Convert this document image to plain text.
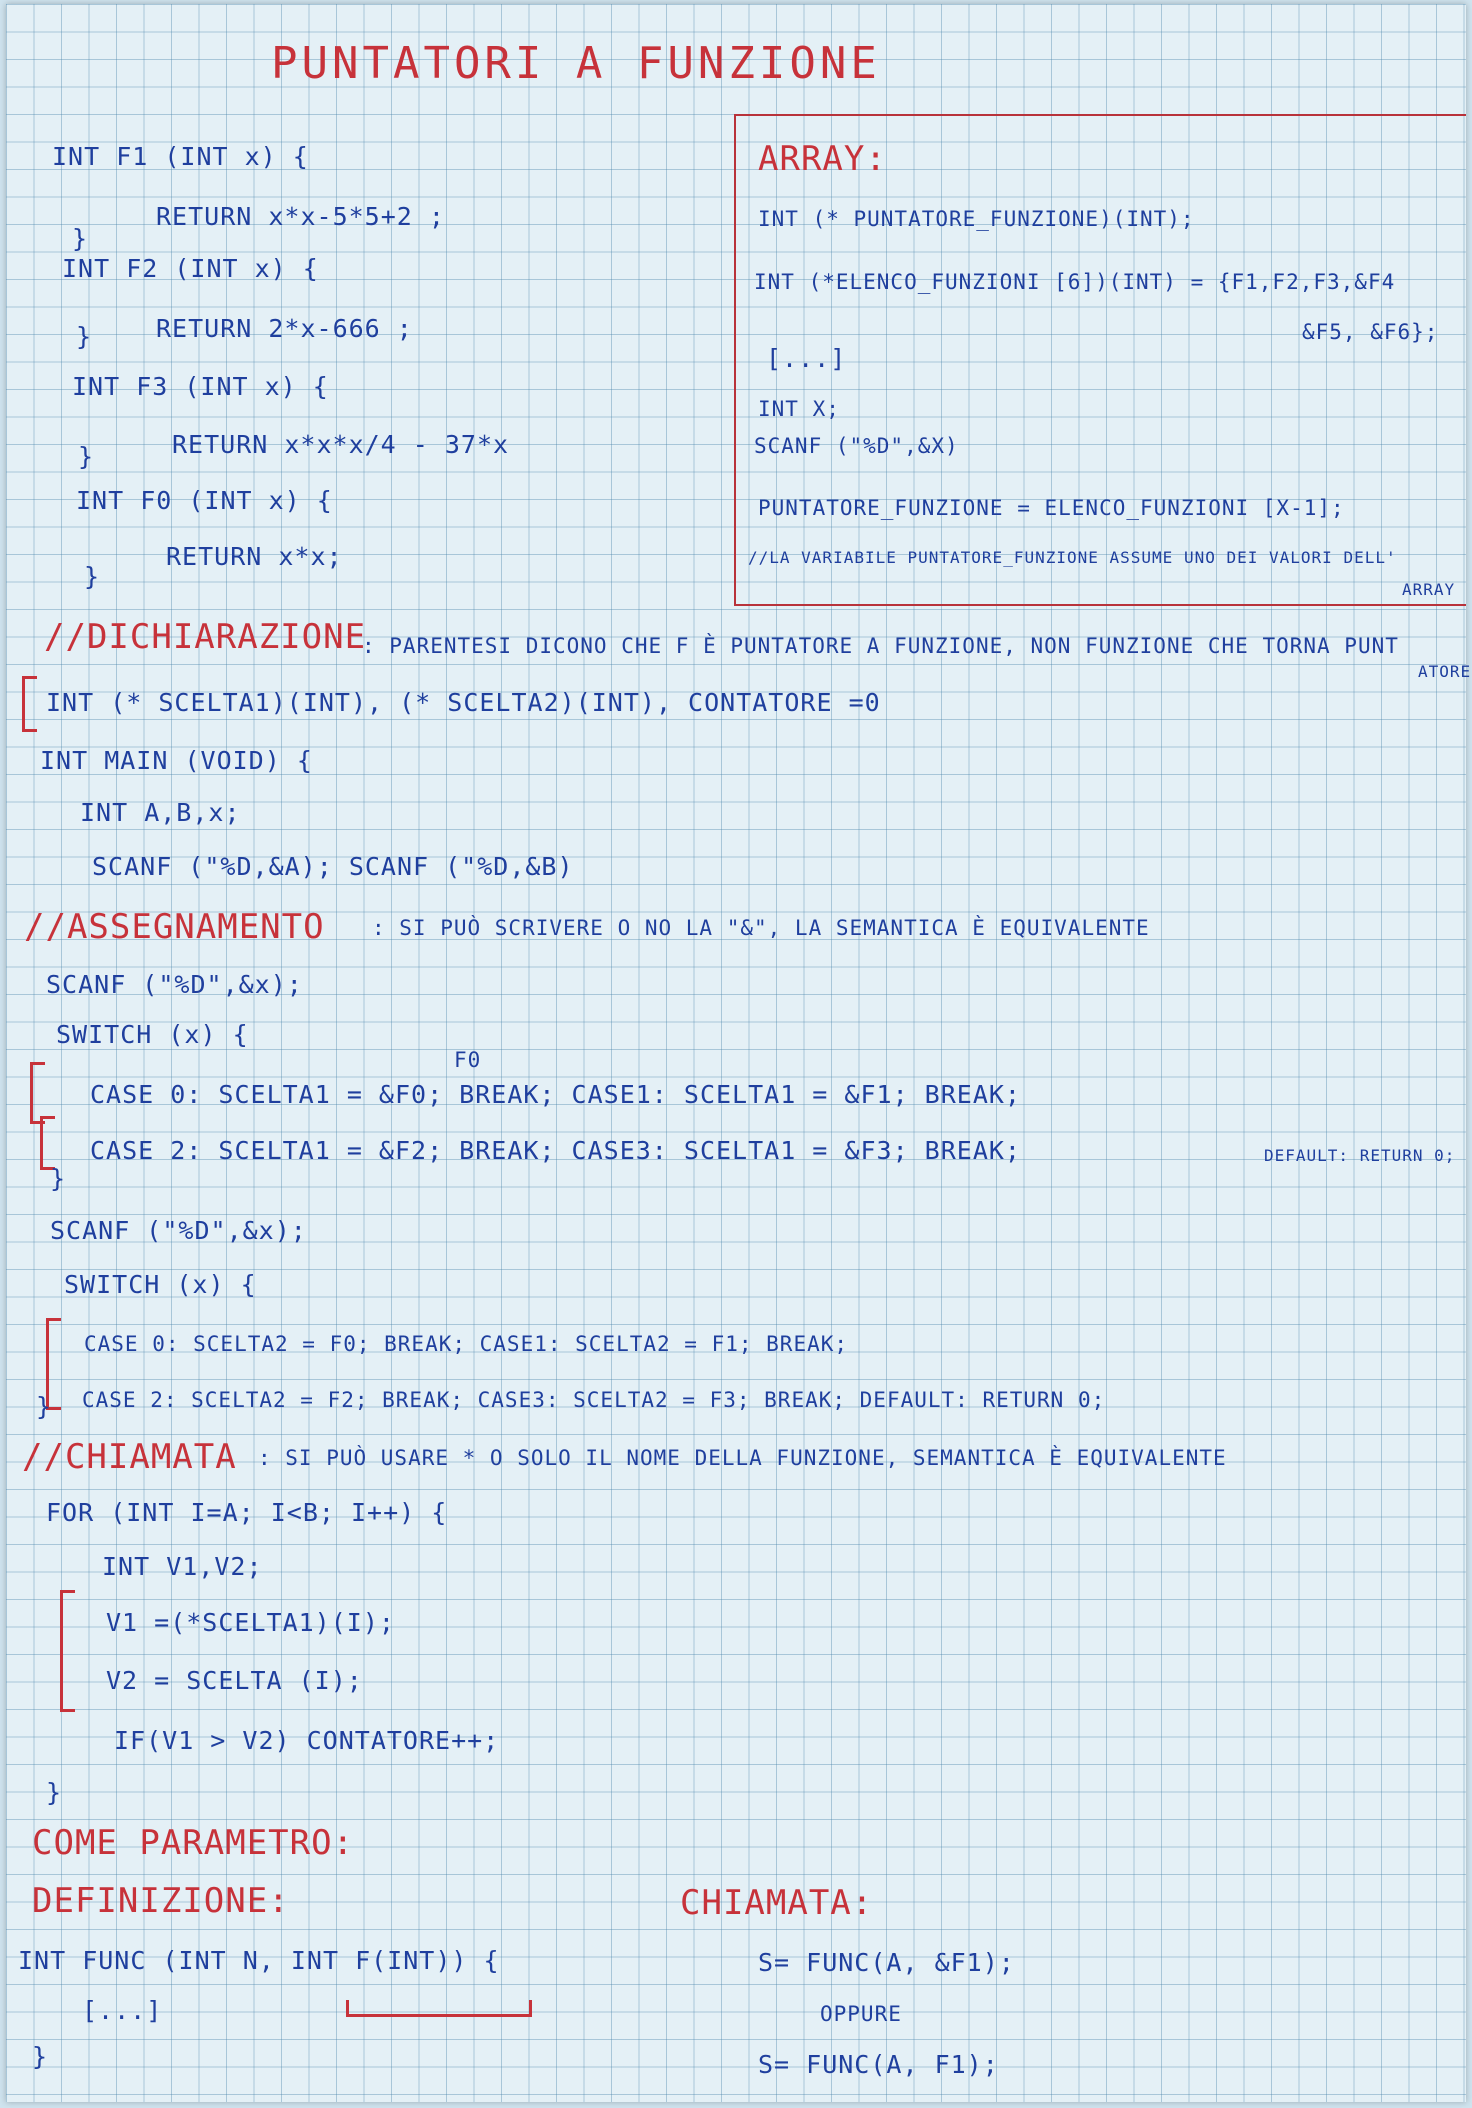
PUNTATORI A FUNZIONE
INT F1 (INT x) {
RETURN x*x-5*5+2 ;
}
INT F2 (INT x) {
RETURN 2*x-666 ;
}
INT F3 (INT x) {
RETURN x*x*x/4 - 37*x
}
INT F0 (INT x) {
RETURN x*x;
}
ARRAY:
INT (* PUNTATORE_FUNZIONE)(INT);
INT (*ELENCO_FUNZIONI [6])(INT) = {F1,F2,F3,&F4
&F5, &F6};
[...]
INT X;
SCANF ("%D",&X)
PUNTATORE_FUNZIONE = ELENCO_FUNZIONI [X-1];
//LA VARIABILE PUNTATORE_FUNZIONE ASSUME UNO DEI VALORI DELL'
ARRAY
//DICHIARAZIONE
: PARENTESI DICONO CHE F È PUNTATORE A FUNZIONE, NON FUNZIONE CHE TORNA PUNT
ATORE
INT (* SCELTA1)(INT), (* SCELTA2)(INT), CONTATORE =0
INT MAIN (VOID) {
INT A,B,x;
SCANF ("%D,&A); SCANF ("%D,&B)
//ASSEGNAMENTO : SI PUÒ SCRIVERE O NO LA "&", LA SEMANTICA È EQUIVALENTE
SCANF ("%D",&x);
SWITCH (x) {
F0
CASE 0: SCELTA1 = &F0; BREAK; CASE1: SCELTA1 = &F1; BREAK;
CASE 2: SCELTA1 = &F2; BREAK; CASE3: SCELTA1 = &F3; BREAK;	DEFAULT: RETURN 0;
}
SCANF ("%D",&x);
SWITCH (x) {
CASE 0: SCELTA2 = F0; BREAK; CASE1: SCELTA2 = F1; BREAK;
} CASE 2: SCELTA2 = F2; BREAK; CASE3: SCELTA2 = F3; BREAK; DEFAULT: RETURN 0;
//CHIAMATA : SI PUÒ USARE * O SOLO IL NOME DELLA FUNZIONE, SEMANTICA È EQUIVALENTE
FOR (INT I=A; I<B; I++) {
INT V1,V2;
V1 =(*SCELTA1)(I);
V2 = SCELTA (I);
IF(V1 > V2) CONTATORE++;
}
COME PARAMETRO:
DEFINIZIONE:
INT FUNC (INT N, INT F(INT)) {
[...]
}
CHIAMATA:
S= FUNC(A, &F1);
OPPURE
S= FUNC(A, F1);
